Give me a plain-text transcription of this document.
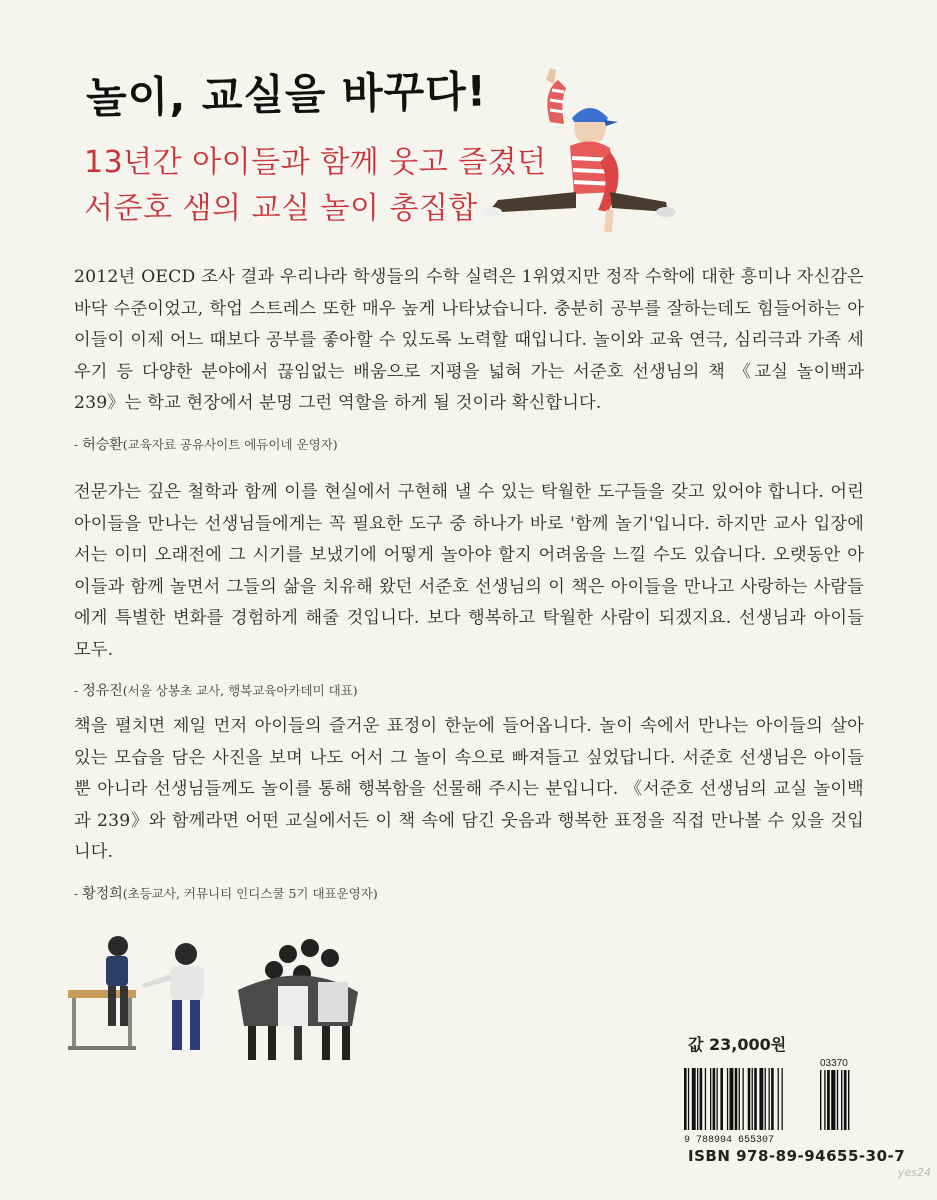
놀이, 교실을 바꾸다!
13년간 아이들과 함께 웃고 즐겼던
서준호 샘의 교실 놀이 총집합

2012년 OECD 조사 결과 우리나라 학생들의 수학 실력은 1위였지만 정작 수학에 대한 흥미나 자신감은 바닥 수준이었고, 학업 스트레스 또한 매우 높게 나타났습니다. 충분히 공부를 잘하는데도 힘들어하는 아이들이 이제 어느 때보다 공부를 좋아할 수 있도록 노력할 때입니다. 놀이와 교육 연극, 심리극과 가족 세우기 등 다양한 분야에서 끊임없는 배움으로 지평을 넓혀 가는 서준호 선생님의 책 《교실 놀이백과 239》는 학교 현장에서 분명 그런 역할을 하게 될 것이라 확신합니다.

- 허승환(교육자료 공유사이트 에듀이네 운영자)

전문가는 깊은 철학과 함께 이를 현실에서 구현해 낼 수 있는 탁월한 도구들을 갖고 있어야 합니다. 어린아이들을 만나는 선생님들에게는 꼭 필요한 도구 중 하나가 바로 '함께 놀기'입니다. 하지만 교사 입장에서는 이미 오래전에 그 시기를 보냈기에 어떻게 놀아야 할지 어려움을 느낄 수도 있습니다. 오랫동안 아이들과 함께 놀면서 그들의 삶을 치유해 왔던 서준호 선생님의 이 책은 아이들을 만나고 사랑하는 사람들에게 특별한 변화를 경험하게 해줄 것입니다. 보다 행복하고 탁월한 사람이 되겠지요. 선생님과 아이들 모두.

- 정유진(서울 상봉초 교사, 행복교육아카데미 대표)

책을 펼치면 제일 먼저 아이들의 즐거운 표정이 한눈에 들어옵니다. 놀이 속에서 만나는 아이들의 살아 있는 모습을 담은 사진을 보며 나도 어서 그 놀이 속으로 빠져들고 싶었답니다. 서준호 선생님은 아이들뿐 아니라 선생님들께도 놀이를 통해 행복함을 선물해 주시는 분입니다. 《서준호 선생님의 교실 놀이백과 239》와 함께라면 어떤 교실에서든 이 책 속에 담긴 웃음과 행복한 표정을 직접 만나볼 수 있을 것입니다.

- 황정희(초등교사, 커뮤니티 인디스쿨 5기 대표운영자)
값 23,000원
03370
9 788994 655307
ISBN 978-89-94655-30-7
yes24
